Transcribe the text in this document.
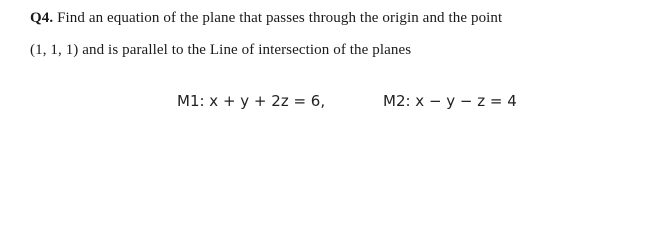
Q4. Find an equation of the plane that passes through the origin and the point
(1, 1, 1) and is parallel to the Line of intersection of the planes
M1: x + y + 2z = 6,	M2: x − y − z = 4
